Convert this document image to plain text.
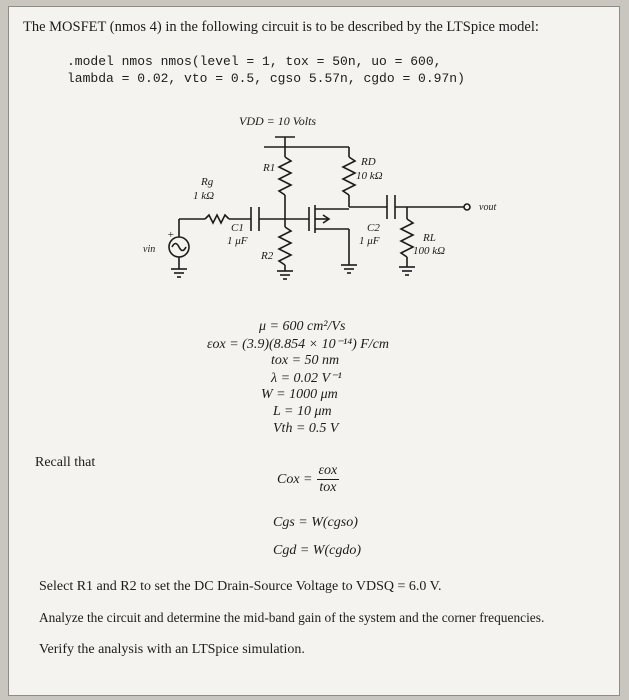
The MOSFET (nmos 4) in the following circuit is to be described by the LTSpice model:
.model nmos nmos(level = 1, tox = 50n, uo = 600,
lambda = 0.02, vto = 0.5, cgso 5.57n, cgdo = 0.97n)
VDD = 10 Volts
R1	RD
10 kΩ
Rg
1 kΩ
C1
1 μF
C2
1 μF
R2
RL
100 kΩ
vin
vout
+
μ = 600 cm²/Vs
εox = (3.9)(8.854 × 10⁻¹⁴) F/cm
tox = 50 nm
λ = 0.02 V⁻¹
W = 1000 μm
L = 10 μm
Vth = 0.5 V
Recall that
Cox = $\frac{\text{εox}}{\text{tox}}$
Cgs = W(cgso)
Cgd = W(cgdo)
Select R1 and R2 to set the DC Drain-Source Voltage to VDSQ = 6.0 V.
Analyze the circuit and determine the mid-band gain of the system and the corner frequencies.
Verify the analysis with an LTSpice simulation.
